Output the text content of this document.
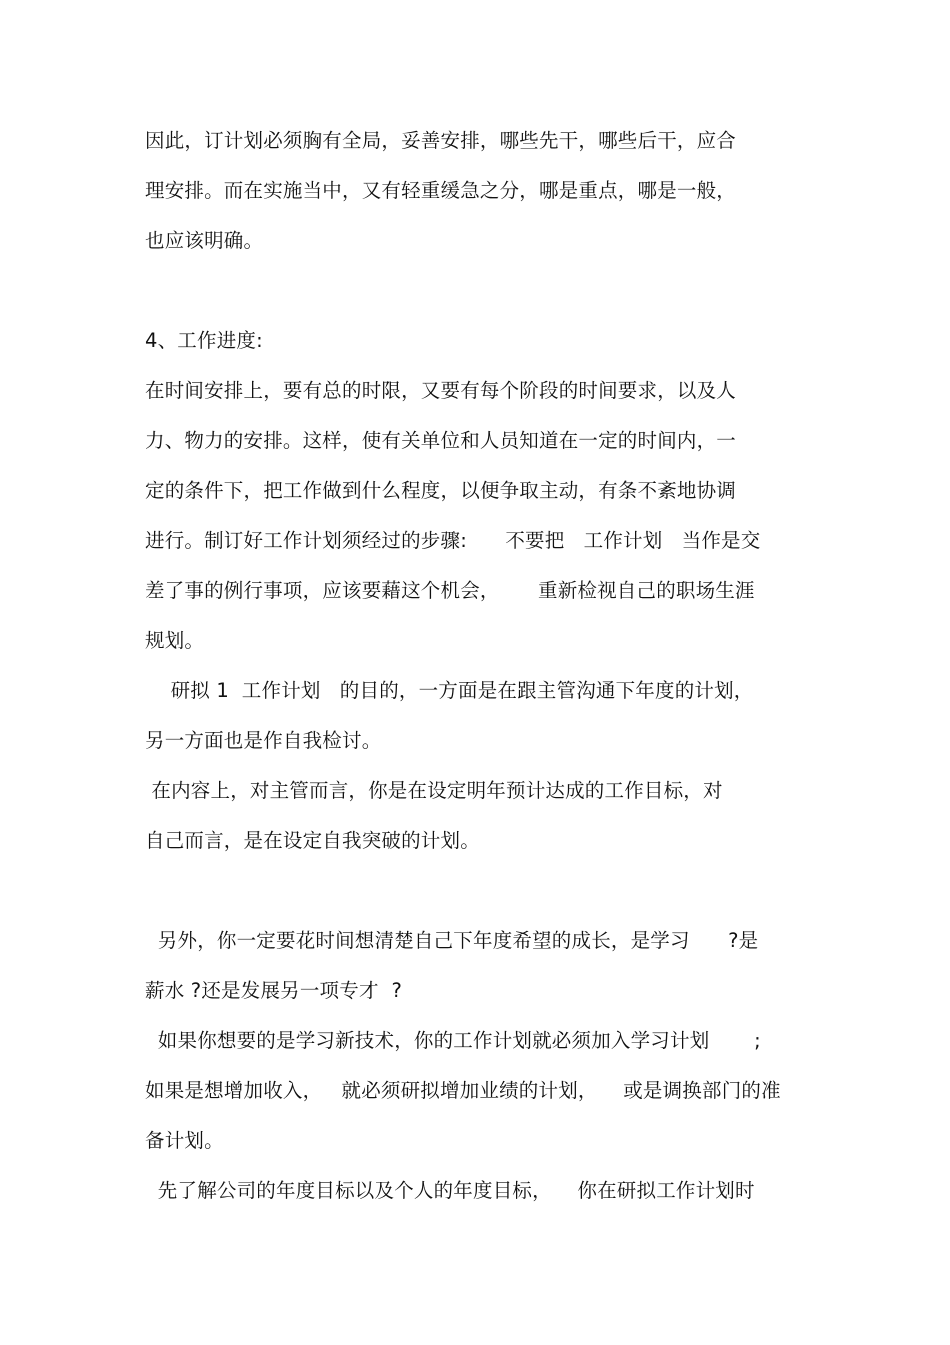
因此，订计划必须胸有全局，妥善安排，哪些先干，哪些后干，应合
理安排。而在实施当中，又有轻重缓急之分，哪是重点，哪是一般，
也应该明确。
4、工作进度:
在时间安排上，要有总的时限，又要有每个阶段的时间要求，以及人
力、物力的安排。这样，使有关单位和人员知道在一定的时间内，一
定的条件下，把工作做到什么程度，以便争取主动，有条不紊地协调
进行。制订好工作计划须经过的步骤:      不要把   工作计划   当作是交
差了事的例行事项，应该要藉这个机会，      重新检视自己的职场生涯
规划。
研拟 1  工作计划   的目的，一方面是在跟主管沟通下年度的计划，
另一方面也是作自我检讨。
在内容上，对主管而言，你是在设定明年预计达成的工作目标，对
自己而言，是在设定自我突破的计划。
另外，你一定要花时间想清楚自己下年度希望的成长，是学习      ?是
薪水 ?还是发展另一项专才  ?
如果你想要的是学习新技术，你的工作计划就必须加入学习计划       ;
如果是想增加收入，   就必须研拟增加业绩的计划，    或是调换部门的准
备计划。
先了解公司的年度目标以及个人的年度目标，    你在研拟工作计划时
